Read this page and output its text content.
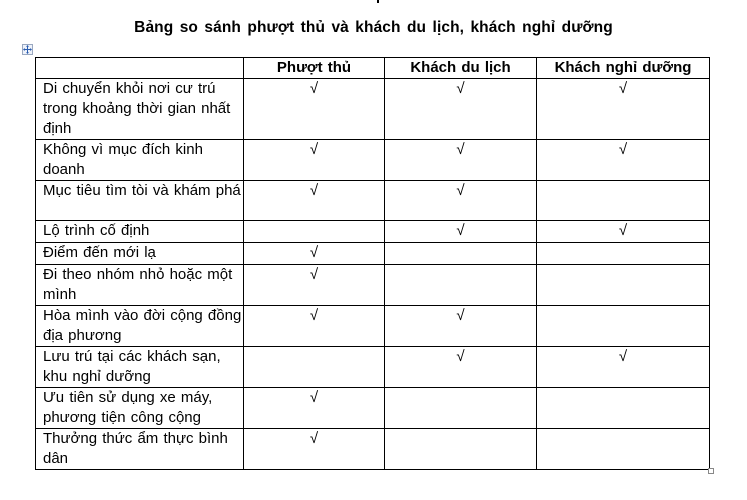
Bảng so sánh phượt thủ và khách du lịch, khách nghỉ dưỡng
	Phượt thủ	Khách du lịch	Khách nghỉ dưỡng
Di chuyển khỏi nơi cư trú trong khoảng thời gian nhất định	√	√	√
Không vì mục đích kinh doanh	√	√	√
Mục tiêu tìm tòi và khám phá	√	√	
Lộ trình cố định		√	√
Điểm đến mới lạ	√		
Đi theo nhóm nhỏ hoặc một mình	√		
Hòa mình vào đời cộng đồng địa phương	√	√	
Lưu trú tại các khách sạn, khu nghỉ dưỡng		√	√
Ưu tiên sử dụng xe máy, phương tiện công cộng	√		
Thưởng thức ẩm thực bình dân	√		
